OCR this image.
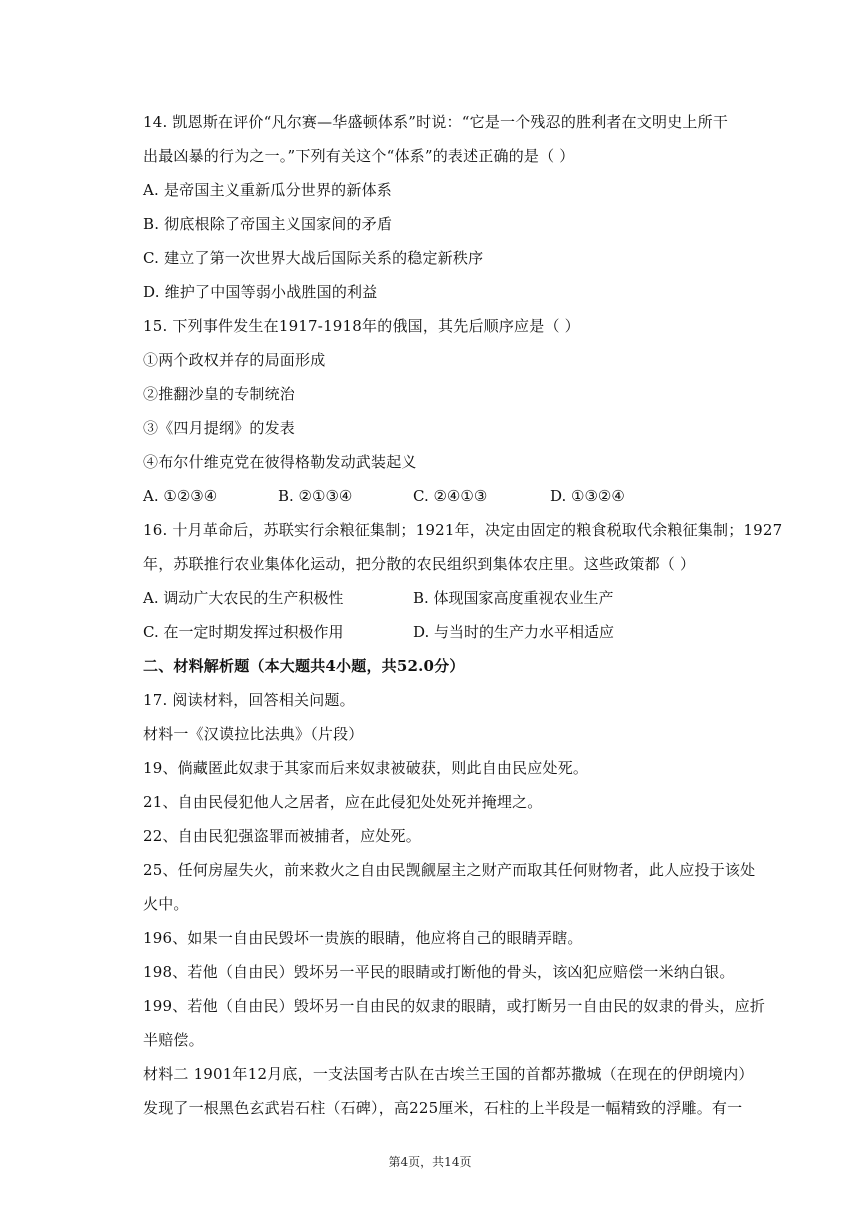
14. 凯恩斯在评价“凡尔赛—华盛顿体系”时说：“它是一个残忍的胜利者在文明史上所干
出最凶暴的行为之一。”下列有关这个“体系”的表述正确的是（ ）
A. 是帝国主义重新瓜分世界的新体系
B. 彻底根除了帝国主义国家间的矛盾
C. 建立了第一次世界大战后国际关系的稳定新秩序
D. 维护了中国等弱小战胜国的利益
15. 下列事件发生在1917-1918年的俄国，其先后顺序应是（ ）
①两个政权并存的局面形成
②推翻沙皇的专制统治
③《四月提纲》的发表
④布尔什维克党在彼得格勒发动武装起义
A. ①②③④	B. ②①③④	C. ②④①③	D. ①③②④
16. 十月革命后，苏联实行余粮征集制；1921年，决定由固定的粮食税取代余粮征集制；1927
年，苏联推行农业集体化运动，把分散的农民组织到集体农庄里。这些政策都（ ）
A. 调动广大农民的生产积极性	B. 体现国家高度重视农业生产
C. 在一定时期发挥过积极作用	D. 与当时的生产力水平相适应
二、材料解析题（本大题共4小题，共52.0分）
17. 阅读材料，回答相关问题。
材料一《汉谟拉比法典》（片段）
19、倘藏匿此奴隶于其家而后来奴隶被破获，则此自由民应处死。
21、自由民侵犯他人之居者，应在此侵犯处处死并掩埋之。
22、自由民犯强盗罪而被捕者，应处死。
25、任何房屋失火，前来救火之自由民觊觎屋主之财产而取其任何财物者，此人应投于该处
火中。
196、如果一自由民毁坏一贵族的眼睛，他应将自己的眼睛弄瞎。
198、若他（自由民）毁坏另一平民的眼睛或打断他的骨头，该凶犯应赔偿一米纳白银。
199、若他（自由民）毁坏另一自由民的奴隶的眼睛，或打断另一自由民的奴隶的骨头，应折
半赔偿。
材料二 1901年12月底，一支法国考古队在古埃兰王国的首都苏撒城（在现在的伊朗境内）
发现了一根黑色玄武岩石柱（石碑），高225厘米，石柱的上半段是一幅精致的浮雕。有一
第4页，共14页
